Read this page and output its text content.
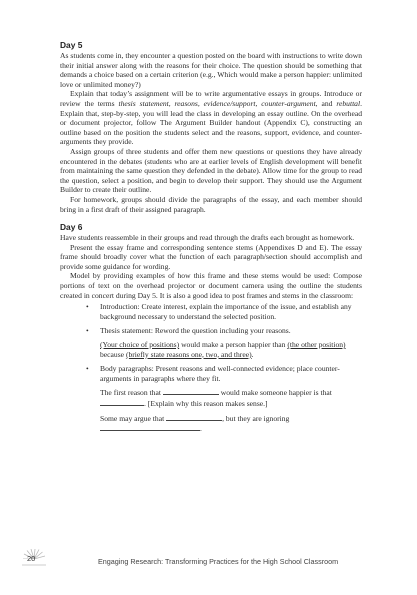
Day 5

As students come in, they encounter a question posted on the board with instructions to write down their initial answer along with the reasons for their choice. The question should be something that demands a choice based on a certain criterion (e.g., Which would make a person happier: unlimited love or unlimited money?)

Explain that today’s assignment will be to write argumentative essays in groups. Introduce or review the terms thesis statement, reasons, evidence/support, counter-argument, and rebuttal. Explain that, step-by-step, you will lead the class in developing an essay outline. On the overhead or document projector, follow The Argument Builder handout (Appendix C), constructing an outline based on the position the students select and the reasons, support, evidence, and counter-arguments they provide.

Assign groups of three students and offer them new questions or questions they have already encountered in the debates (students who are at earlier levels of English development will benefit from maintaining the same question they defended in the debate). Allow time for the group to read the question, select a position, and begin to develop their support. They should use the Argument Builder to create their outline.

For homework, groups should divide the paragraphs of the essay, and each member should bring in a first draft of their assigned paragraph.

Day 6

Have students reassemble in their groups and read through the drafts each brought as homework.

Present the essay frame and corresponding sentence stems (Appendixes D and E). The essay frame should broadly cover what the function of each paragraph/section should accomplish and provide some guidance for wording.

Model by providing examples of how this frame and these stems would be used: Compose portions of text on the overhead projector or document camera using the outline the students created in concert during Day 5. It is also a good idea to post frames and stems in the classroom:

• Introduction: Create interest, explain the importance of the issue, and establish any background necessary to understand the selected position.
• Thesis statement: Reword the question including your reasons.
(Your choice of positions) would make a person happier than (the other position) because (briefly state reasons one, two, and three).
• Body paragraphs: Present reasons and well-connected evidence; place counter-arguments in paragraphs where they fit.
The first reason that	would make someone happier is that . [Explain why this reason makes sense.]
Some may argue that	, but they are ignoring
.
20	Engaging Research: Transforming Practices for the High School Classroom
